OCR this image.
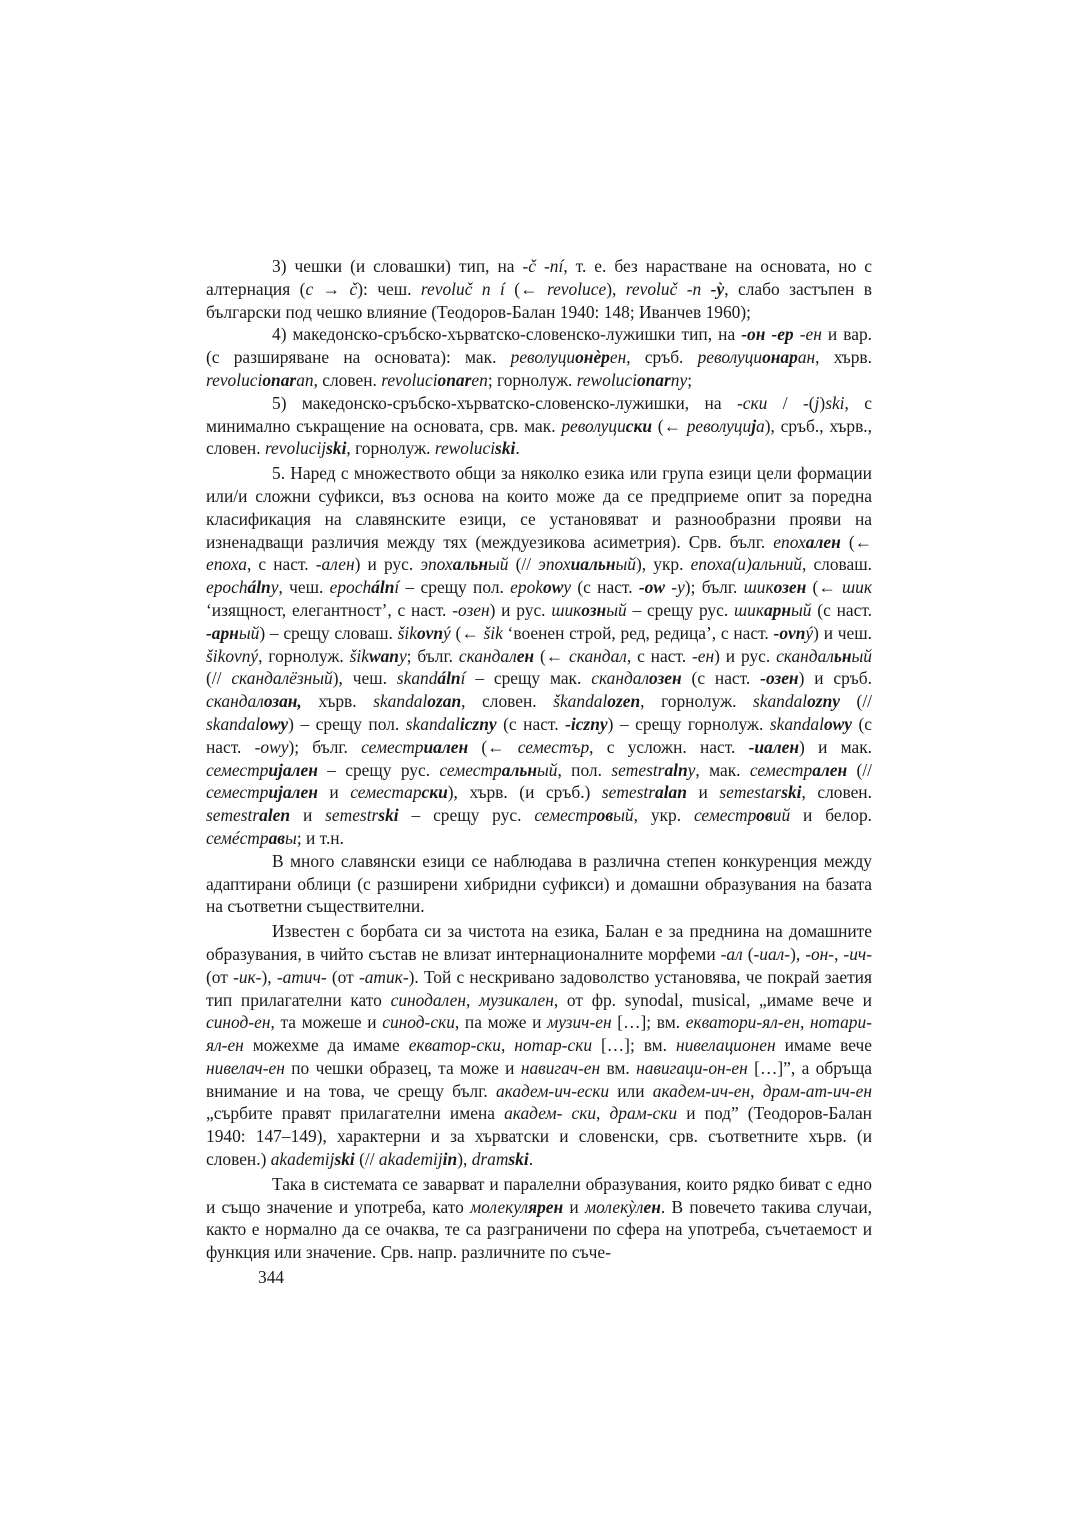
3) чешки (и словашки) тип, на -č -ní, т. е. без нарастване на основата, но с алтернация (c → č): чеш. revoluč n í (← revoluce), revoluč -n -ỳ, слабо застъпен в български под чешко влияние (Теодоров-Балан 1940: 148; Иванчев 1960);

4) македонско-сръбско-хърватско-словенско-лужишки тип, на -он -ер -ен и вар. (с разширяване на основата): мак. револуционѐрен, сръб. револуционаран, хърв. revolucionaran, словен. revolucionaren; горнолуж. rewolucionarny;

5) македонско-сръбско-хърватско-словенско-лужишки, на -ски / -(j)ski, с минимално съкращение на основата, срв. мак. револуциски (← револуција), сръб., хърв., словен. revolucijski, горнолуж. rewoluciski.

5. Наред с множеството общи за няколко езика или група езици цели формации или/и сложни суфикси, въз основа на които може да се предприеме опит за поредна класификация на славянските езици, се установяват и разнообразни прояви на изненадващи различия между тях (междуезикова асиметрия). Срв. бълг. епохален (← епоха, с наст. -ален) и рус. эпохальный (// эпохиальный), укр. епоха(и)альний, словаш. epochálny, чеш. epochální – срещу пол. epokowy (с наст. -ow -y); бълг. шикозен (← шик ‘изящност, елегантност’, с наст. -озен) и рус. шикозный – срещу рус. шикарный (с наст. -арный) – срещу словаш. šikovný (← šik ‘военен строй, ред, редица’, с наст. -ovný) и чеш. šikovný, горнолуж. šikwany; бълг. скандален (← скандал, с наст. -ен) и рус. скандальный (// скандалёзный), чеш. skandální – срещу мак. скандалозен (с наст. -озен) и сръб. скандалозан, хърв. skandalozan, словен. škandalozen, горнолуж. skandalozny (// skandalowy) – срещу пол. skandaliczny (с наст. -iczny) – срещу горнолуж. skandalowy (с наст. -owy); бълг. семестриален (← семестър, с усложн. наст. -иален) и мак. семестријален – срещу рус. семестральный, пол. semestralny, мак. семестрален (// семестријален и семестарски), хърв. (и сръб.) semestralan и semestarski, словен. semestralen и semestrski – срещу рус. семестровый, укр. семестровий и белор. семéстравы; и т.н.

В много славянски езици се наблюдава в различна степен конкуренция между адаптирани облици (с разширени хибридни суфикси) и домашни образувания на базата на съответни съществителни.

Известен с борбата си за чистота на езика, Балан е за преднина на домашните образувания, в чийто състав не влизат интернационалните морфеми -ал (-иал-), -он-, -ич- (от -ик-), -атич- (от -атик-). Той с нескривано задоволство установява, че покрай заетия тип прилагателни като синодален, музикален, от фр. synodal, musical, „имаме вече и синод-ен, та можеше и синод-ски, па може и музич-ен […]; вм. екватори-ял-ен, нотари-ял-ен можехме да имаме екватор-ски, нотар-ски […]; вм. нивелационен имаме вече нивелач-ен по чешки образец, та може и навигач-ен вм. навигаци-он-ен […]”, а обръща внимание и на това, че срещу бълг. академ-ич-ески или академ-ич-ен, драм-ат-ич-ен „сърбите правят прилагателни имена академ- ски, драм-ски и под” (Теодоров-Балан 1940: 147–149), характерни и за хърватски и словенски, срв. съответните хърв. (и словен.) akademijski (// akademijin), dramski.

Така в системата се заварват и паралелни образувания, които рядко биват с едно и също значение и употреба, като молекулярен и молекỳлен. В повечето такива случаи, както е нормално да се очаква, те са разграничени по сфера на употреба, съчетаемост и функция или значение. Срв. напр. различните по съче-

344
